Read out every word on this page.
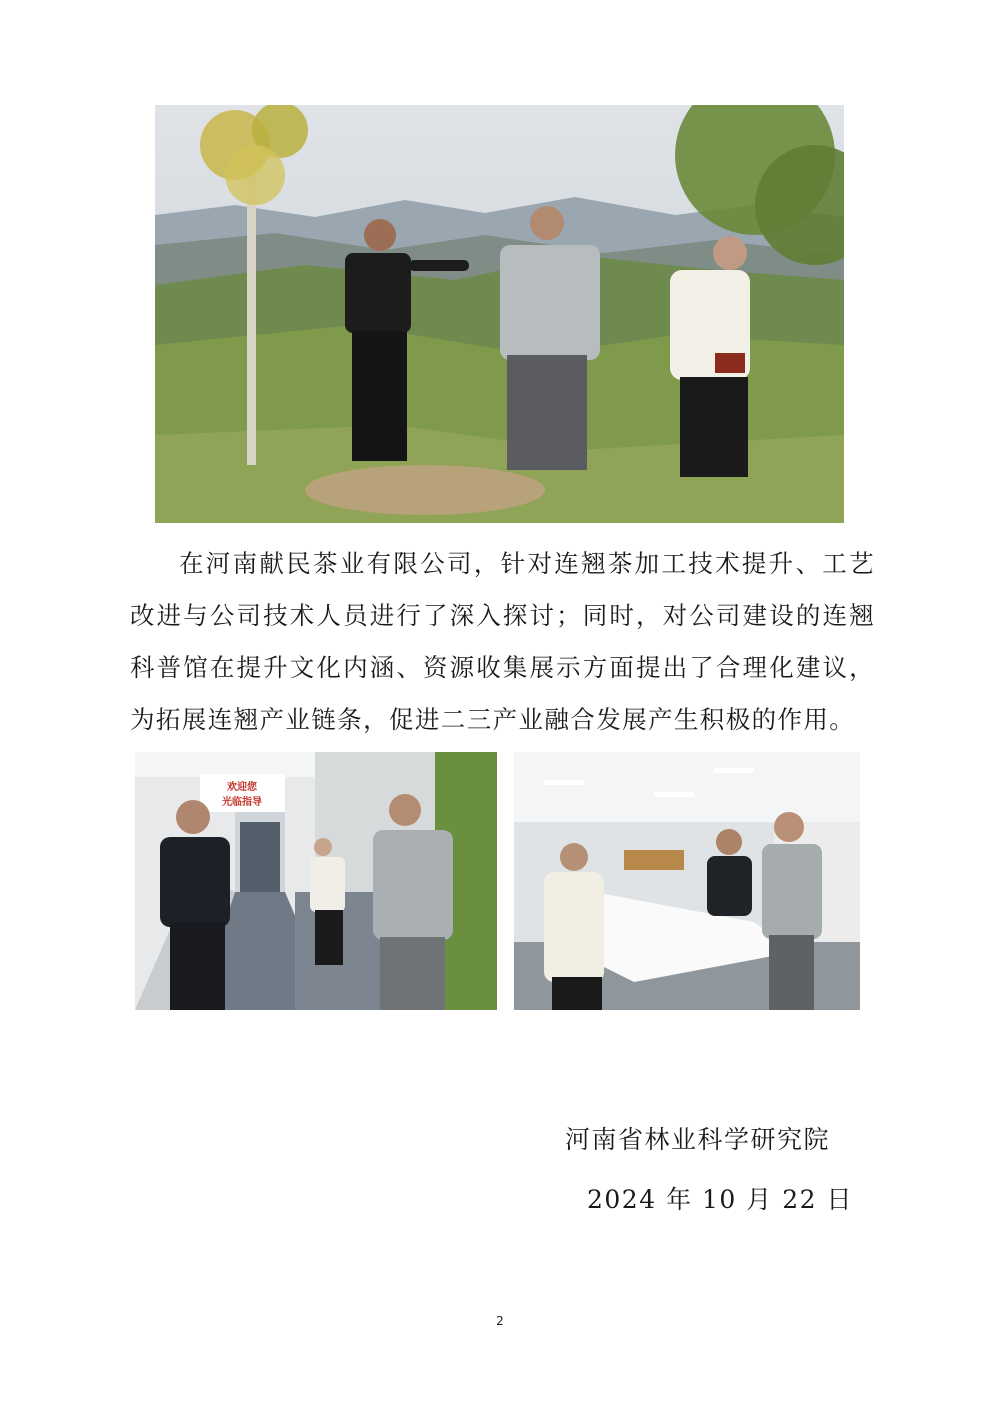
在河南献民茶业有限公司，针对连翘茶加工技术提升、工艺改进与公司技术人员进行了深入探讨；同时，对公司建设的连翘科普馆在提升文化内涵、资源收集展示方面提出了合理化建议，为拓展连翘产业链条，促进二三产业融合发展产生积极的作用。

欢迎您
光临指导
河南省林业科学研究院
2024 年 10 月 22 日
2
